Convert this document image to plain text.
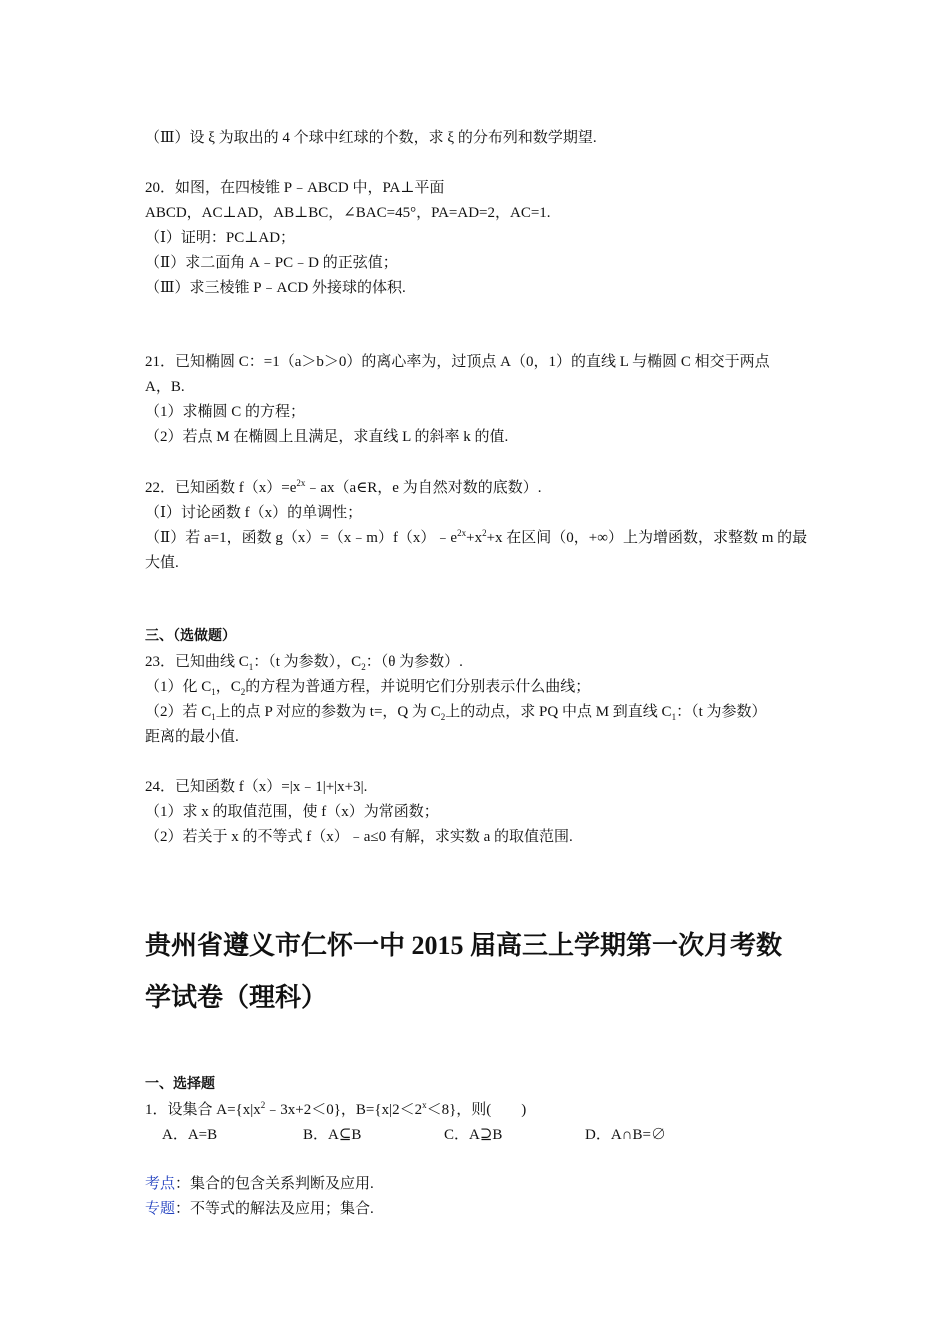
（Ⅲ）设 ξ 为取出的 4 个球中红球的个数，求 ξ 的分布列和数学期望.
20．如图，在四棱锥 P﹣ABCD 中，PA⊥平面
ABCD，AC⊥AD，AB⊥BC，∠BAC=45°，PA=AD=2，AC=1.
（Ⅰ）证明：PC⊥AD；
（Ⅱ）求二面角 A﹣PC﹣D 的正弦值；
（Ⅲ）求三棱锥 P﹣ACD 外接球的体积.
21．已知椭圆 C：=1（a＞b＞0）的离心率为，过顶点 A（0，1）的直线 L 与椭圆 C 相交于两点
A，B.
（1）求椭圆 C 的方程；
（2）若点 M 在椭圆上且满足，求直线 L 的斜率 k 的值.
22．已知函数 $f(x)=e^{2x}﹣ax(a\in R$，e 为自然对数的底数）.
（Ⅰ）讨论函数 f（x）的单调性；
（Ⅱ）若 a=1，函数 $g(x)=(x﹣m)f(x)﹣e^{2x}+x^2+x$ 在区间（0，+∞）上为增函数，求整数 m 的最
大值.
三、（选做题）
23．已知曲线 $C_1$：（t 为参数），$C_2$：（θ 为参数）.
（1）化 $C_1$，$C_2$的方程为普通方程，并说明它们分别表示什么曲线；
（2）若 $C_1$上的点 P 对应的参数为 t=，Q 为 $C_2$上的动点，求 PQ 中点 M 到直线 $C_1$：（t 为参数）
距离的最小值.
24．已知函数 f（x）=|x﹣1|+|x+3|.
（1）求 x 的取值范围，使 f（x）为常函数；
（2）若关于 x 的不等式 f（x）﹣a≤0 有解，求实数 a 的取值范围.
贵州省遵义市仁怀一中 2015 届高三上学期第一次月考数
学试卷（理科）
一、选择题
1．设集合 $A=\{x|x^2﹣3x+2<0\}$，$B=\{x|2<2^x<8\}$，则(　　)
A．A=B	B．A⊆B	C．A⊇B	D．A∩B=∅
考点：集合的包含关系判断及应用.
专题：不等式的解法及应用；集合.
